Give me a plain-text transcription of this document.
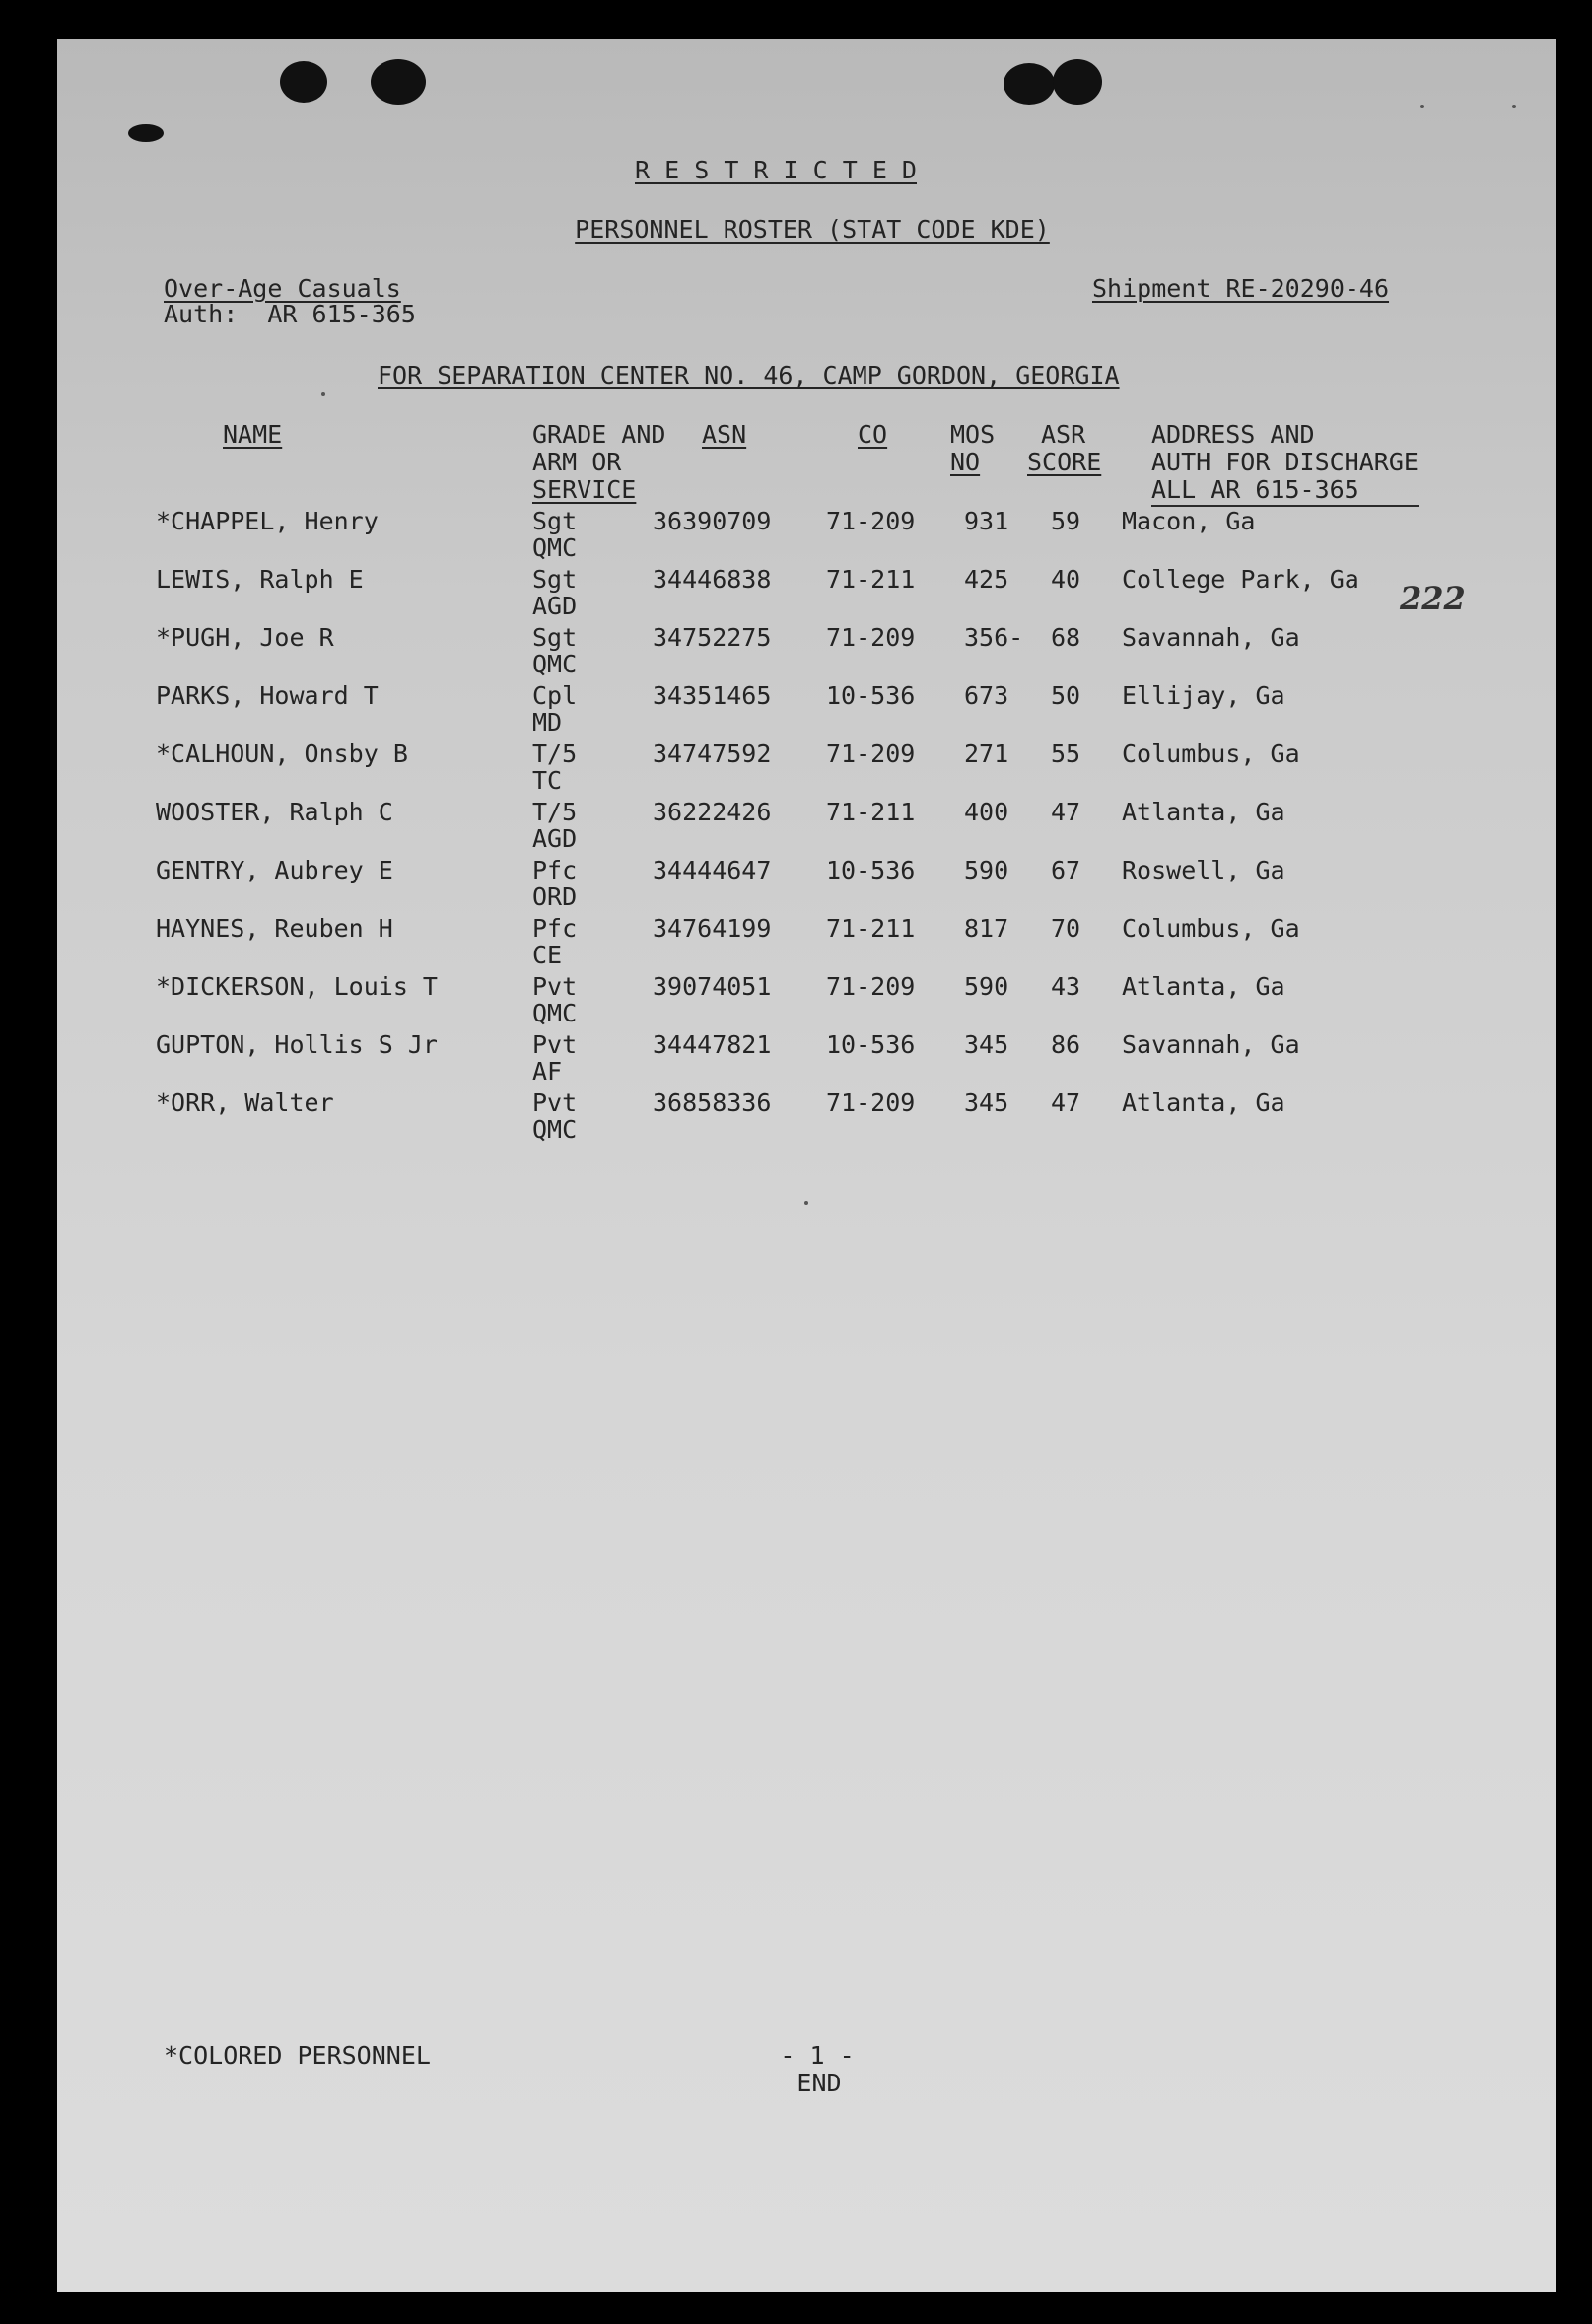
R E S T R I C T E D
PERSONNEL ROSTER (STAT CODE KDE)
Over-Age Casuals
Auth:  AR 615-365
Shipment RE-20290-46
FOR SEPARATION CENTER NO. 46, CAMP GORDON, GEORGIA
222
NAME	GRADE AND
ARM OR
SERVICE
ASN	CO	MOS
NO
ASR
SCORE
ADDRESS AND
AUTH FOR DISCHARGE
ALL AR 615-365
*CHAPPEL, Henry	Sgt	36390709 71-209 931 59 Macon, Ga
QMC
LEWIS, Ralph E	Sgt	34446838 71-211 425 40 College Park, Ga
AGD
*PUGH, Joe R	Sgt	34752275 71-209 356- 68 Savannah, Ga
QMC
PARKS, Howard T	Cpl	34351465 10-536 673 50 Ellijay, Ga
MD
*CALHOUN, Onsby B	T/5	34747592 71-209 271 55 Columbus, Ga
TC
WOOSTER, Ralph C	T/5	36222426 71-211 400 47 Atlanta, Ga
AGD
GENTRY, Aubrey E	Pfc	34444647 10-536 590 67 Roswell, Ga
ORD
HAYNES, Reuben H	Pfc	34764199 71-211 817 70 Columbus, Ga
CE
*DICKERSON, Louis T	Pvt	39074051 71-209 590 43 Atlanta, Ga
QMC
GUPTON, Hollis S Jr	Pvt	34447821 10-536 345 86 Savannah, Ga
AF
*ORR, Walter	Pvt	36858336 71-209 345 47 Atlanta, Ga
QMC
*COLORED PERSONNEL	- 1 -
END
